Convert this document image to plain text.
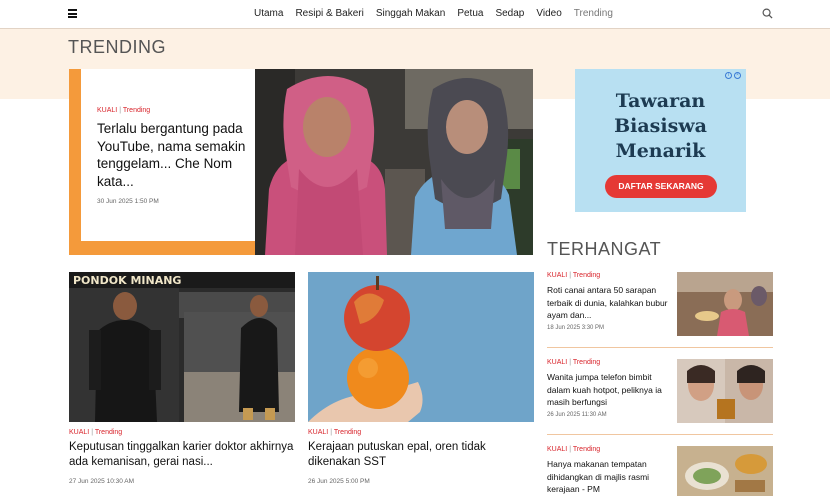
Utama Resipi & Bakeri Singgah Makan Petua Sedap Video Trending
TRENDING
KUALI | Trending
Terlalu bergantung pada YouTube, nama semakin tenggelam... Che Nom kata...
30 Jun 2025 1:50 PM
i	×
Tawaran
Biasiswa
Menarik
DAFTAR SEKARANG
PONDOK MINANG
KUALI | Trending
Keputusan tinggalkan karier doktor akhirnya ada kemanisan, gerai nasi...
27 Jun 2025 10:30 AM
KUALI | Trending
Kerajaan putuskan epal, oren tidak dikenakan SST
26 Jun 2025 5:00 PM
TERHANGAT
KUALI | Trending
Roti canai antara 50 sarapan terbaik di dunia, kalahkan bubur ayam dan...
18 Jun 2025 3:30 PM
KUALI | Trending
Wanita jumpa telefon bimbit dalam kuah hotpot, peliknya ia masih berfungsi
26 Jun 2025 11:30 AM
KUALI | Trending
Hanya makanan tempatan dihidangkan di majlis rasmi kerajaan - PM
